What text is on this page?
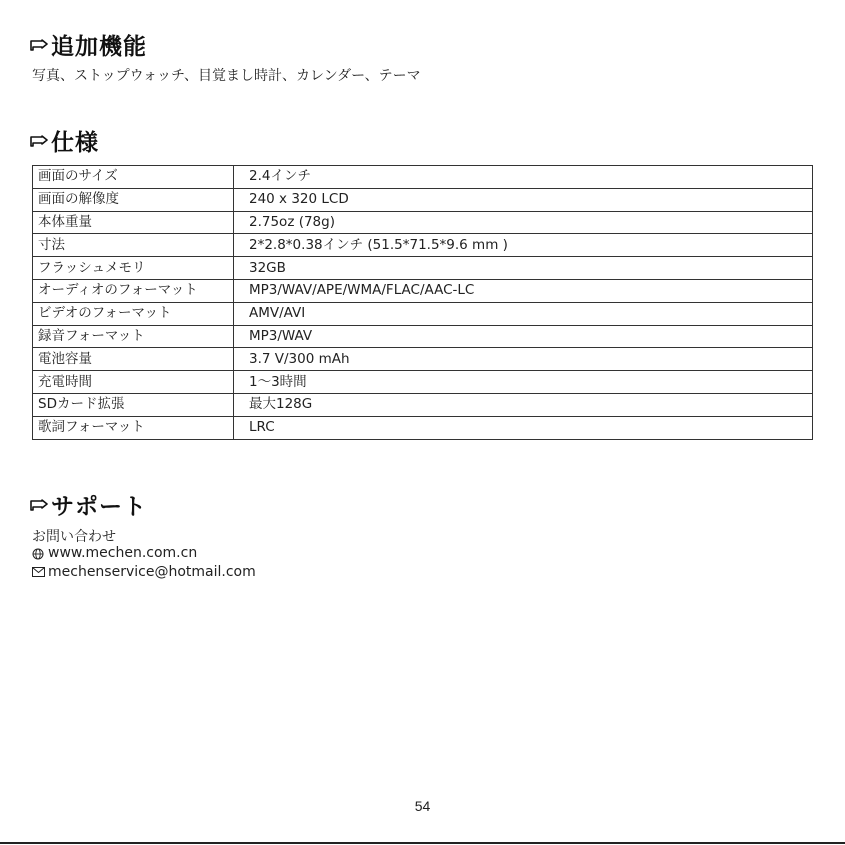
追加機能
写真、ストップウォッチ、目覚まし時計、カレンダー、テーマ
仕様
画面のサイズ	2.4インチ
画面の解像度	240 x 320 LCD
本体重量	2.75oz (78g)
寸法	2*2.8*0.38インチ (51.5*71.5*9.6 mm )
フラッシュメモリ	32GB
オーディオのフォーマット	MP3/WAV/APE/WMA/FLAC/AAC-LC
ビデオのフォーマット	AMV/AVI
録音フォーマット	MP3/WAV
電池容量	3.7 V/300 mAh
充電時間	1〜3時間
SDカード拡張	最大128G
歌詞フォーマット	LRC
サポート
お問い合わせ
www.mechen.com.cn
mechenservice@hotmail.com
54
